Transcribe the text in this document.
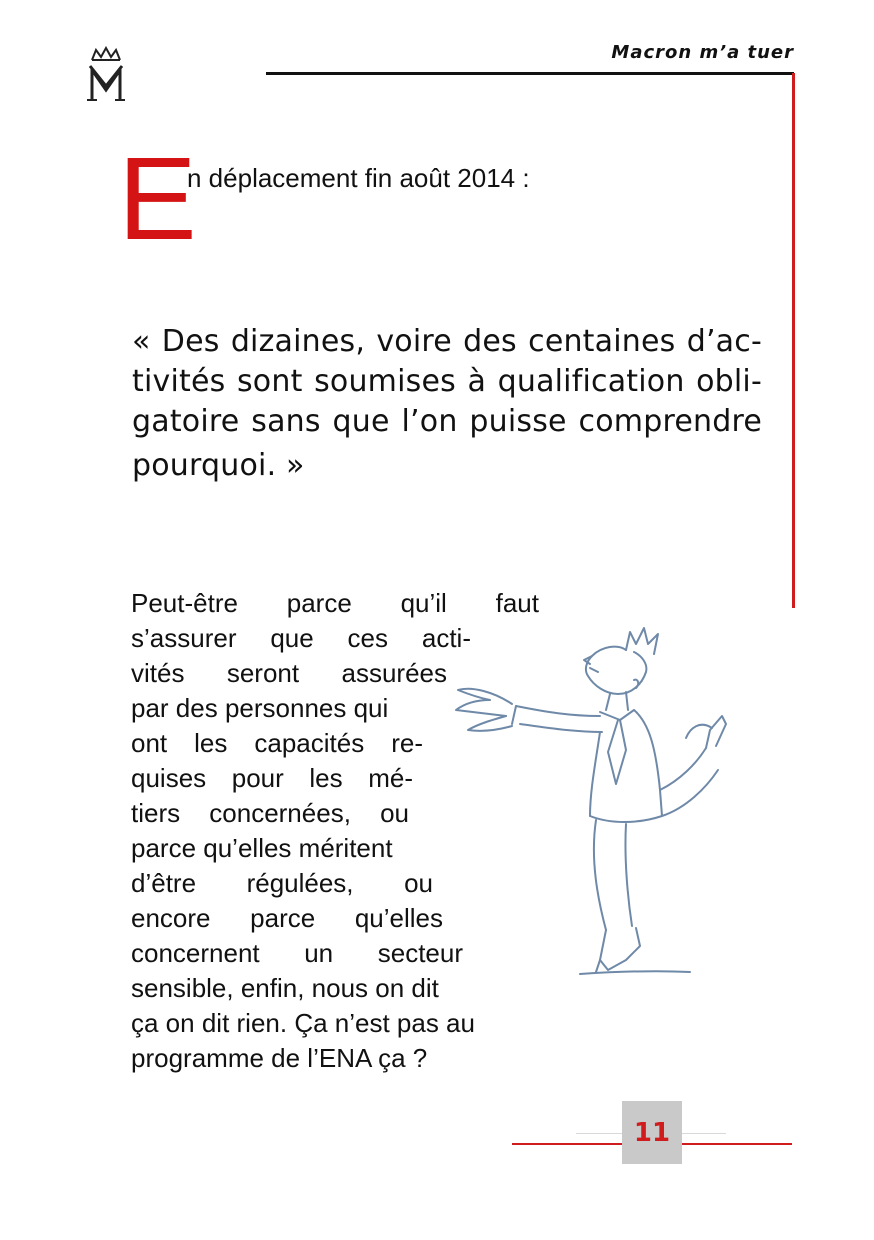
Macron m’a tuer
E
n déplacement fin août 2014 :
« Des dizaines, voire des centaines d’ac-
tivités sont soumises à qualification obli-
gatoire sans que l’on puisse comprendre
pourquoi. »
Peut-être parce qu’il faut
s’assurer que ces acti-
vités seront assurées
par des personnes qui
ont les capacités re-
quises pour les mé-
tiers concernées, ou
parce qu’elles méritent
d’être régulées, ou
encore parce qu’elles
concernent un secteur
sensible, enfin, nous on dit
ça on dit rien. Ça n’est pas au
programme de l’ENA ça ?
11
